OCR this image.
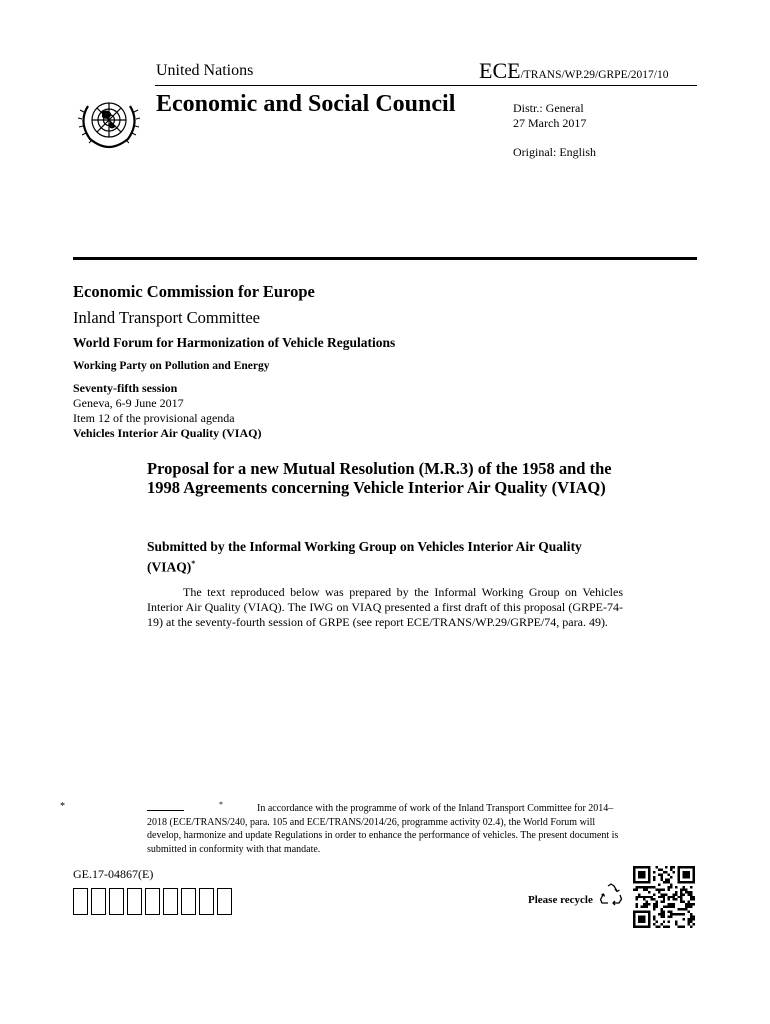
United Nations	ECE/TRANS/WP.29/GRPE/2017/10
Economic and Social Council	Distr.: General
27 March 2017
Original: English
Economic Commission for Europe
Inland Transport Committee
World Forum for Harmonization of Vehicle Regulations
Working Party on Pollution and Energy
Seventy-fifth session
Geneva, 6-9 June 2017
Item 12 of the provisional agenda
Vehicles Interior Air Quality (VIAQ)
Proposal for a new Mutual Resolution (M.R.3) of the 1958 and the 1998 Agreements concerning Vehicle Interior Air Quality (VIAQ)
Submitted by the Informal Working Group on Vehicles Interior Air Quality (VIAQ)*
The text reproduced below was prepared by the Informal Working Group on Vehicles Interior Air Quality (VIAQ). The IWG on VIAQ presented a first draft of this proposal (GRPE-74-19) at the seventy-fourth session of GRPE (see report ECE/TRANS/WP.29/GRPE/74, para. 49).
*	*	In accordance with the programme of work of the Inland Transport Committee for 2014–2018 (ECE/TRANS/240, para. 105 and ECE/TRANS/2014/26, programme activity 02.4), the World Forum will develop, harmonize and update Regulations in order to enhance the performance of vehicles. The present document is submitted in conformity with that mandate.
GE.17-04867(E)
Please recycle
